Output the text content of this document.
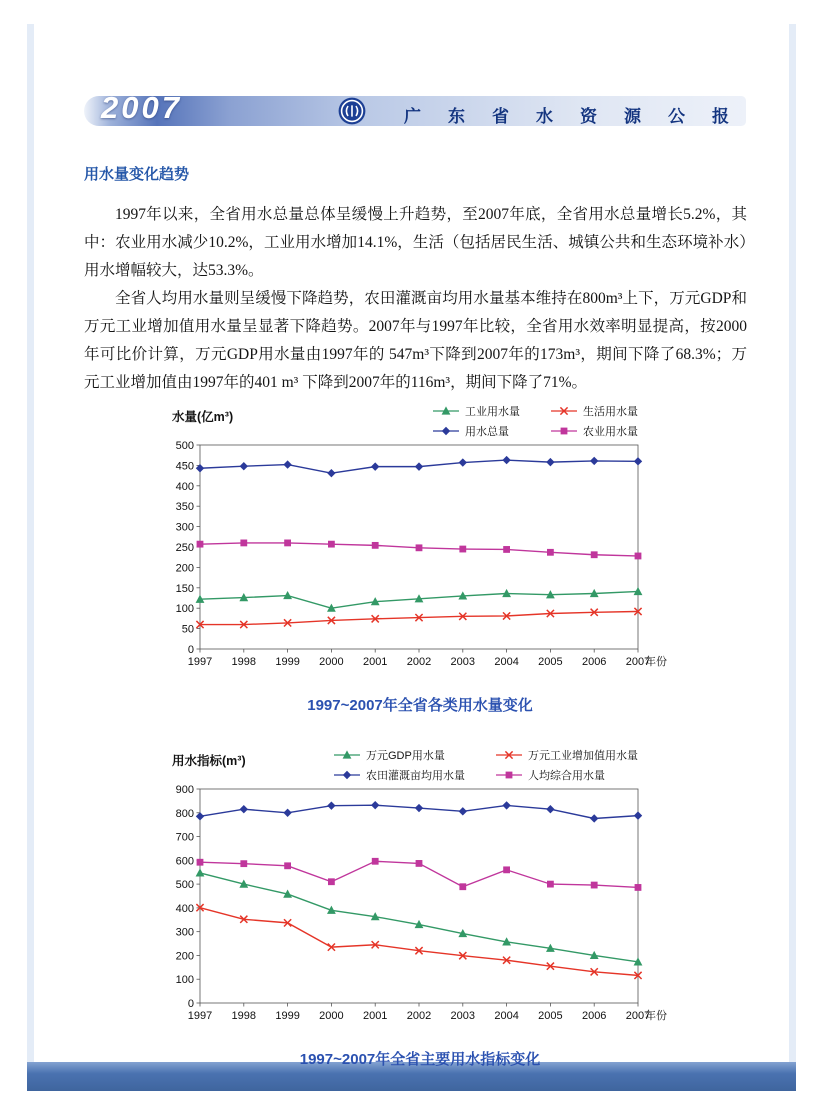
2007	广东省水资源公报
用水量变化趋势

1997年以来，全省用水总量总体呈缓慢上升趋势，至2007年底，全省用水总量增长5.2%，其中：农业用水减少10.2%，工业用水增加14.1%，生活（包括居民生活、城镇公共和生态环境补水）用水增幅较大，达53.3%。

全省人均用水量则呈缓慢下降趋势，农田灌溉亩均用水量基本维持在800m³上下，万元GDP和万元工业增加值用水量呈显著下降趋势。2007年与1997年比较，全省用水效率明显提高，按2000年可比价计算，万元GDP用水量由1997年的 547m³下降到2007年的173m³，期间下降了68.3%；万元工业增加值由1997年的401 m³ 下降到2007年的116m³，期间下降了71%。

水量(亿m³)	工业用水量	生活用水量
用水总量	农业用水量
0
50
100
150
200
250
300
350
400
450
500
1997 1998 1999 2000 2001 2002 2003 2004 2005 2006 2007
年份
1997~2007年全省各类用水量变化
用水指标(m³)	万元GDP用水量	万元工业增加值用水量
农田灌溉亩均用水量	人均综合用水量
0
100
200
300
400
500
600
700
800
900
1997 1998 1999 2000 2001 2002 2003 2004 2005 2006 2007
年份
1997~2007年全省主要用水指标变化
